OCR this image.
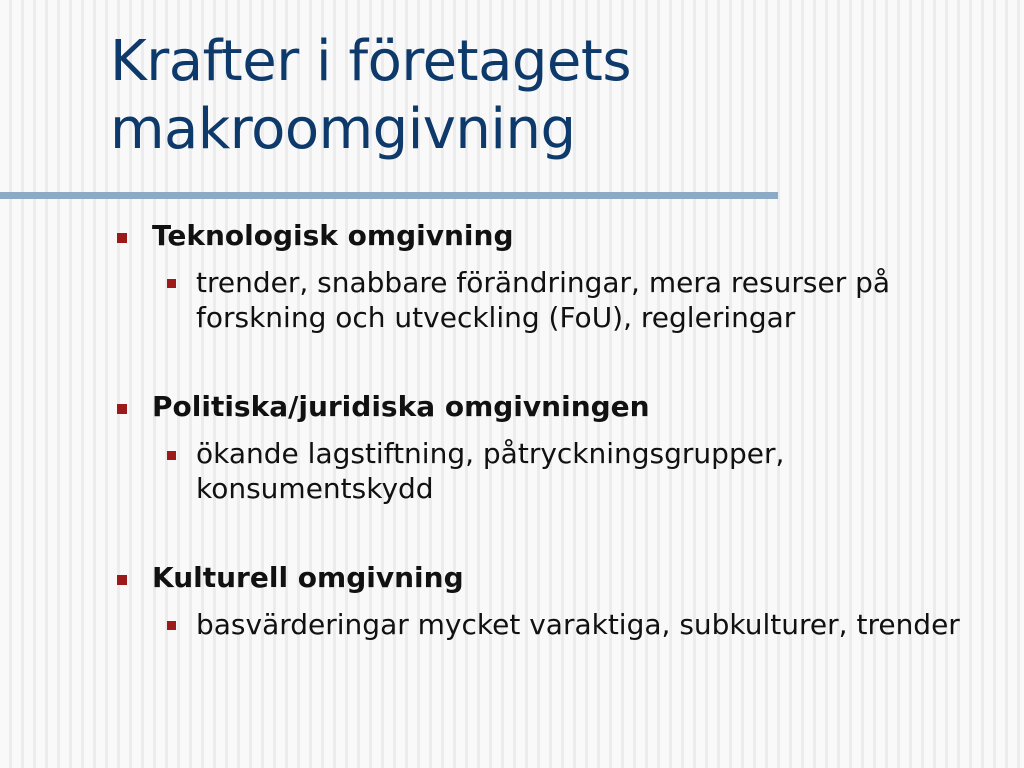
Krafter i företagets makroomgivning

Teknologisk omgivning

trender, snabbare förändringar, mera resurser på forskning och utveckling (FoU), regleringar

Politiska/juridiska omgivningen

ökande lagstiftning, påtryckningsgrupper, konsumentskydd

Kulturell omgivning

basvärderingar mycket varaktiga, subkulturer, trender
